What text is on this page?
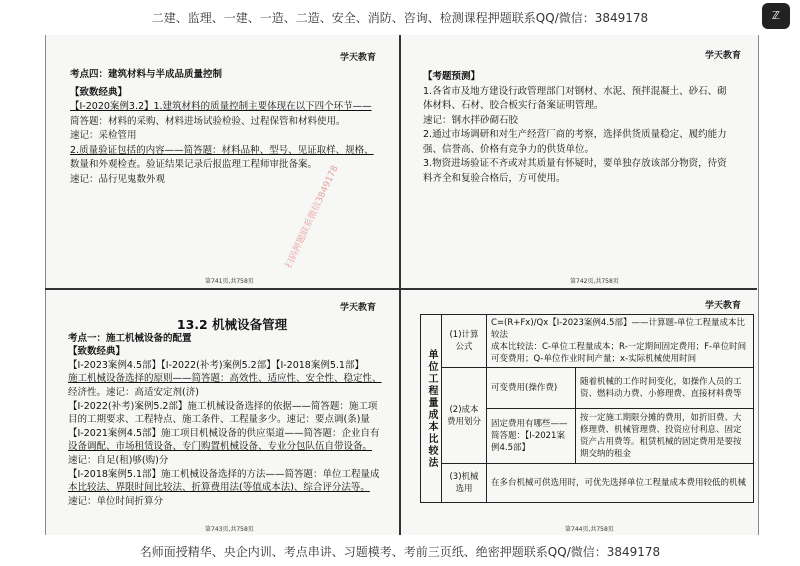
二建、监理、一建、一造、二造、安全、消防、咨询、检测课程押题联系QQ/微信：3849178	ℤ
学天教育
考点四：建筑材料与半成品质量控制
【致数经典】
【Ⅰ-2020案例3.2】1.建筑材料的质量控制主要体现在以下四个环节——
简答题：材料的采购、材料进场试验检验、过程保管和材料使用。
速记：采检管用
2.质量验证包括的内容——简答题：材料品种、型号、见证取样、规格、
数量和外观检查。验证结果记录后报监理工程师审批备案。
速记：品行见鬼数外观	扫码押题联系微信3849178
第741页,共758页
学天教育
【考题预测】
1.各省市及地方建设行政管理部门对钢材、水泥、预拌混凝土、砂石、砌
体材料、石材、胶合板实行备案证明管理。
速记：钢水拌砂砌石胶
2.通过市场调研和对生产经营厂商的考察，选择供货质量稳定、履约能力
强、信誉高、价格有竞争力的供货单位。
3.物资进场验证不齐或对其质量有怀疑时，要单独存放该部分物资，待资
料齐全和复验合格后，方可使用。
第742页,共758页
学天教育
13.2 机械设备管理
考点一：施工机械设备的配置
【致数经典】
【Ⅰ-2023案例4.5部】【Ⅰ-2022(补考)案例5.2部】【Ⅰ-2018案例5.1部】
施工机械设备选择的原则——简答题：高效性、适应性、安全性、稳定性、
经济性。速记：高适安定剂(济)
【Ⅰ-2022(补考)案例5.2部】施工机械设备选择的依据——简答题：施工项
目的工期要求、工程特点、施工条件、工程量多少。速记：要点调(条)量
【Ⅰ-2021案例4.5部】施工项目机械设备的供应渠道——简答题：企业自有
设备调配、市场租赁设备、专门购置机械设备、专业分包队伍自带设备。
速记：自足(租)够(购)分
【Ⅰ-2018案例5.1部】施工机械设备选择的方法——简答题：单位工程量成
本比较法、界限时间比较法、折算费用法(等值成本法)、综合评分法等。
速记：单位时间折算分
第743页,共758页
学天教育
单位工程量成本比较法	(1)计算公式	C=(R+Fx)/Qx【Ⅰ-2023案例4.5部】——计算题-单位工程量成本比较法
成本比较法：C-单位工程量成本；R-一定期间固定费用；F-单位时间可变费用；Q-单位作业时间产量；x-实际机械使用时间	
	(2)成本费用划分	可变费用(操作费)	随着机械的工作时间变化，如操作人员的工资、燃料动力费、小修理费、直接材料费等
		固定费用有哪些——简答题：【Ⅰ-2021案例4.5部】	按一定施工期限分摊的费用，如折旧费、大修理费、机械管理费、投资应付利息、固定资产占用费等。租赁机械的固定费用是要按期交纳的租金
	(3)机械选用	在多台机械可供选用时，可优先选择单位工程量成本费用较低的机械	
第744页,共758页
名师面授精华、央企内训、考点串讲、习题模考、考前三页纸、绝密押题联系QQ/微信：3849178
